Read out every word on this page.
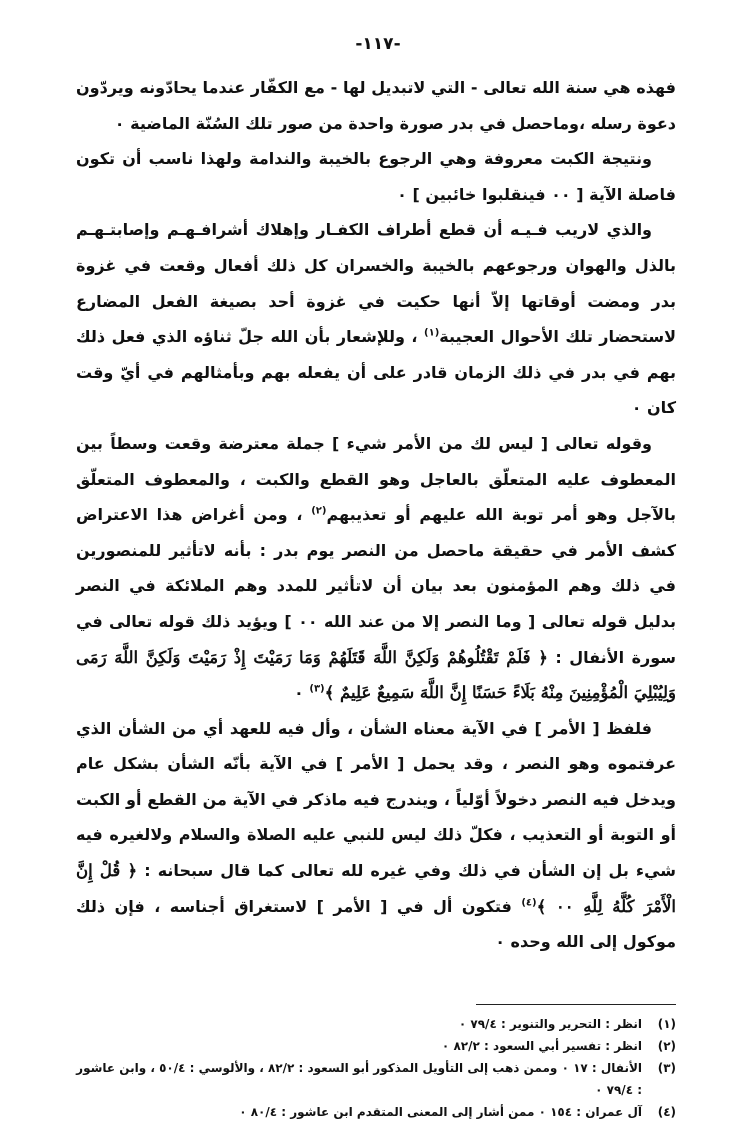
-١١٧-

فهذه هي سنة الله تعالى - التي لاتبديل لها - مع الكفّار عندما يحادّونه ويردّون دعوة رسله ،وماحصل في بدر صورة واحدة من صور تلك السُنّة الماضية ٠

ونتيجة الكبت معروفة وهي الرجوع بالخيبة والندامة ولهذا ناسب أن تكون فاصلة الآية [ ٠٠ فينقلبوا خائبين ] ٠

والذي لاريب فـيـه أن قطع أطراف الكفـار وإهلاك أشرافـهـم وإصابتـهـم بالذل والهوان ورجوعهم بالخيبة والخسران كل ذلك أفعال وقعت في غزوة بدر ومضت أوقاتها إلاّ أنها حكيت في غزوة أحد بصيغة الفعل المضارع لاستحضار تلك الأحوال العجيبة$^{(١)}$ ، وللإشعار بأن الله جلّ ثناؤه الذي فعل ذلك بهم في بدر في ذلك الزمان قادر على أن يفعله بهم وبأمثالهم في أيّ وقت كان ٠

وقوله تعالى [ ليس لك من الأمر شيء ] جملة معترضة وقعت وسطاً بين المعطوف عليه المتعلّق بالعاجل وهو القطع والكبت ، والمعطوف المتعلّق بالآجل وهو أمر توبة الله عليهم أو تعذيبهم$^{(٢)}$ ، ومن أغراض هذا الاعتراض كشف الأمر في حقيقة ماحصل من النصر يوم بدر : بأنه لاتأثير للمنصورين في ذلك وهم المؤمنون بعد بيان أن لاتأثير للمدد وهم الملائكة في النصر بدليل قوله تعالى [ وما النصر إلا من عند الله ٠٠ ] ويؤيد ذلك قوله تعالى في سورة الأنفال : ﴿ فَلَمْ تَقْتُلُوهُمْ وَلَكِنَّ اللَّهَ قَتَلَهُمْ وَمَا رَمَيْتَ إِذْ رَمَيْتَ وَلَكِنَّ اللَّهَ رَمَى وَلِيُبْلِيَ الْمُؤْمِنِينَ مِنْهُ بَلَاءً حَسَنًا إِنَّ اللَّهَ سَمِيعٌ عَلِيمٌ ﴾$^{(٣)}$ ٠

فلفظ [ الأمر ] في الآية معناه الشأن ، وأل فيه للعهد أي من الشأن الذي عرفتموه وهو النصر ، وقد يحمل [ الأمر ] في الآية بأنّه الشأن بشكل عام ويدخل فيه النصر دخولاً أوّلياً ، ويندرج فيه ماذكر في الآية من القطع أو الكبت أو التوبة أو التعذيب ، فكلّ ذلك ليس للنبي عليه الصلاة والسلام ولالغيره فيه شيء بل إن الشأن في ذلك وفي غيره لله تعالى كما قال سبحانه : ﴿ قُلْ إِنَّ الْأَمْرَ كُلَّهُ لِلَّهِ ٠٠ ﴾$^{(٤)}$ فتكون أل في [ الأمر ] لاستغراق أجناسه ، فإن ذلك موكول إلى الله وحده ٠

(١)
انظر : التحرير والتنوير : ٧٩/٤ ٠
(٢)
انظر : تفسير أبي السعود : ٨٢/٢ ٠
(٣)
الأنفال : ١٧ ٠ وممن ذهب إلى التأويل المذكور أبو السعود : ٨٢/٢ ، والألوسي : ٥٠/٤ ، وابن عاشور : ٧٩/٤ ٠
(٤)
آل عمران : ١٥٤ ٠ ممن أشار إلى المعنى المتقدم ابن عاشور : ٨٠/٤ ٠
